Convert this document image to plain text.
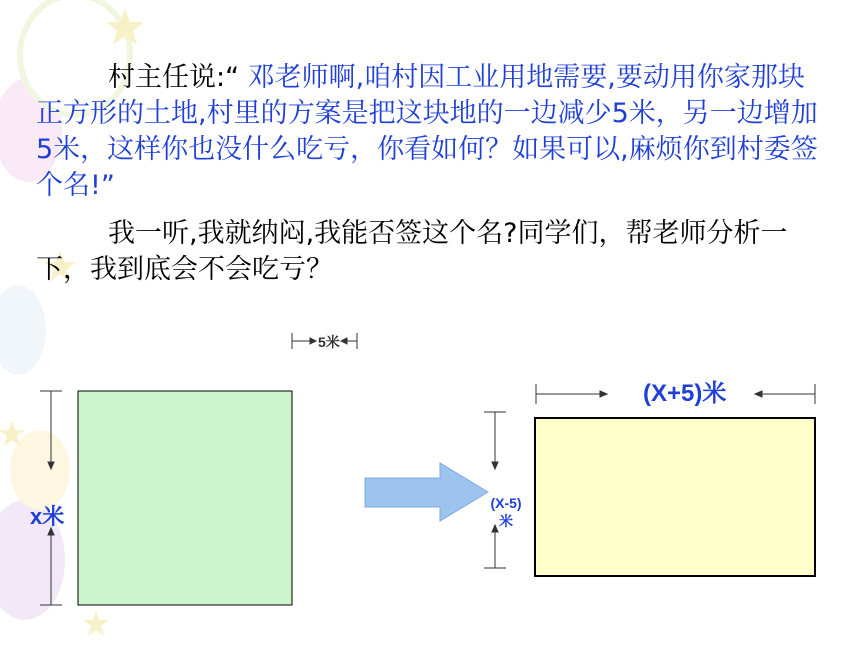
村主任说:“ 邓老师啊,咱村因工业用地需要,要动用你家那块正方形的土地,村里的方案是把这块地的一边减少5米，另一边增加5米，这样你也没什么吃亏，你看如何？如果可以,麻烦你到村委签个名!”
我一听,我就纳闷,我能否签这个名?同学们，帮老师分析一下，我到底会不会吃亏？
5米
x米
(X+5)米
(X-5)
米
